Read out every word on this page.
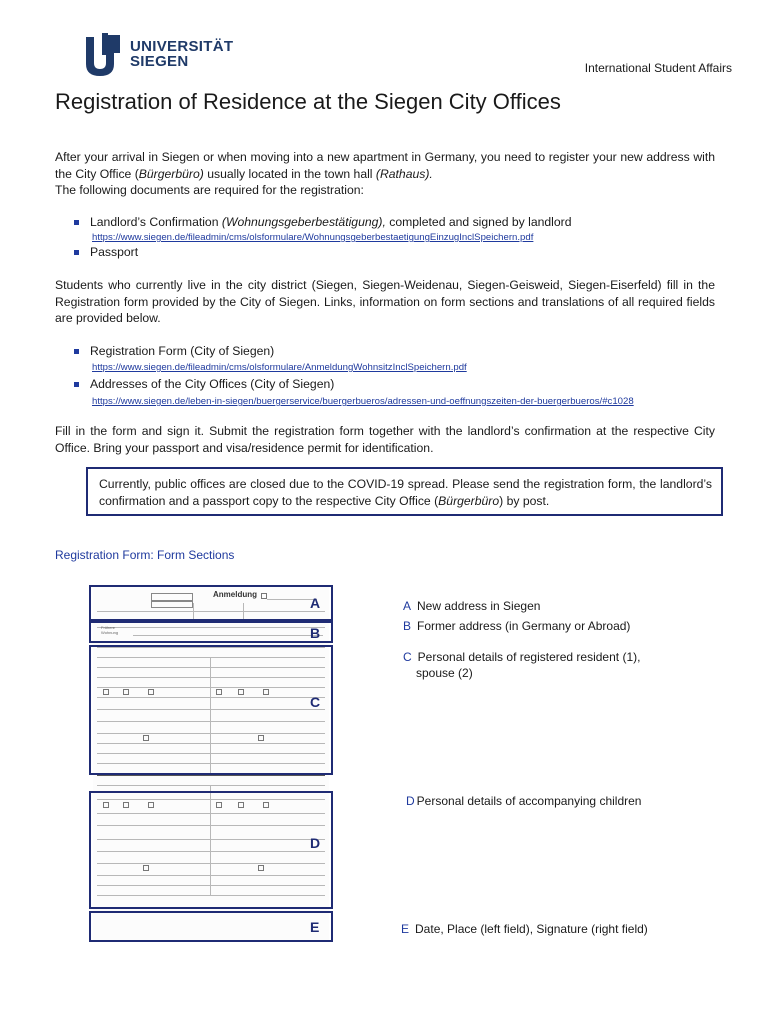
UNIVERSITÄT
SIEGEN	International Student Affairs
Registration of Residence at the Siegen City Offices

After your arrival in Siegen or when moving into a new apartment in Germany, you need to register your new address with the City Office (Bürgerbüro) usually located in the town hall (Rathaus).

The following documents are required for the registration:

Landlord’s Confirmation (Wohnungsgeberbestätigung), completed and signed by landlord
https://www.siegen.de/fileadmin/cms/olsformulare/WohnungsgeberbestaetigungEinzugInclSpeichern.pdf
Passport

Students who currently live in the city district (Siegen, Siegen-Weidenau, Siegen-Geisweid, Siegen-Eiserfeld) fill in the Registration form provided by the City of Siegen. Links, information on form sections and translations of all required fields are provided below.

Registration Form (City of Siegen)
https://www.siegen.de/fileadmin/cms/olsformulare/AnmeldungWohnsitzInclSpeichern.pdf
Addresses of the City Offices (City of Siegen)
https://www.siegen.de/leben-in-siegen/buergerservice/buergerbueros/adressen-und-oeffnungszeiten-der-buergerbueros/#c1028

Fill in the form and sign it. Submit the registration form together with the landlord’s confirmation at the respective City Office. Bring your passport and visa/residence permit for identification.

Currently, public offices are closed due to the COVID-19 spread. Please send the registration form, the landlord’s confirmation and a passport copy to the respective City Office (Bürgerbüro) by post.

Registration Form: Form Sections
Anmeldung
Frühere
Wohnung
A
B
C
D
E
A New address in Siegen
B Former address (in Germany or Abroad)
C Personal details of registered resident (1),
spouse (2)
D Personal details of accompanying children
E Date, Place (left field), Signature (right field)
